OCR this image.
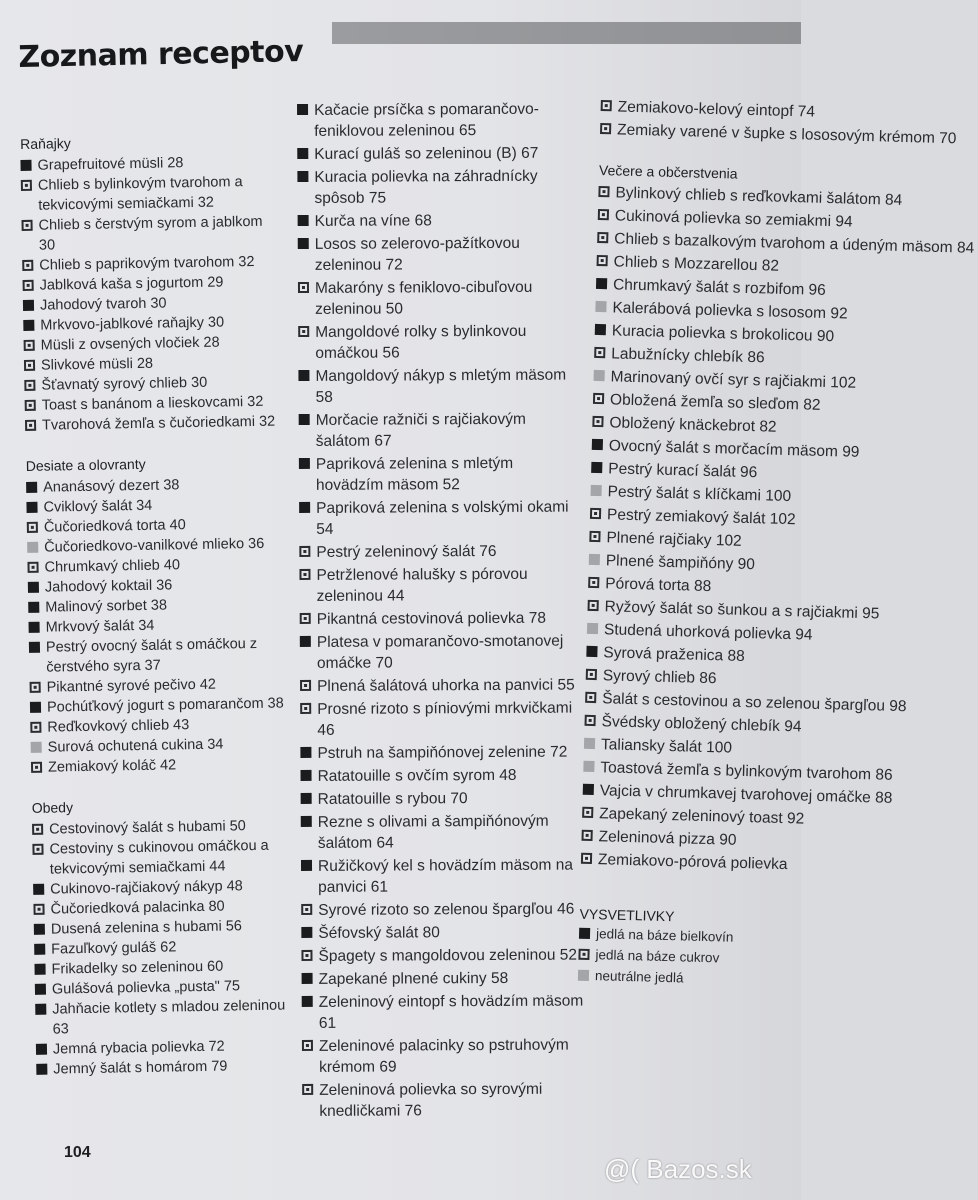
Zoznam receptov
Raňajky
Grapefruitové müsli 28
Chlieb s bylinkovým tvarohom a tekvicovými semiačkami 32
Chlieb s čerstvým syrom a jablkom 30
Chlieb s paprikovým tvarohom 32
Jablková kaša s jogurtom 29
Jahodový tvaroh 30
Mrkvovo-jablkové raňajky 30
Müsli z ovsených vločiek 28
Slivkové müsli 28
Šťavnatý syrový chlieb 30
Toast s banánom a lieskovcami 32
Tvarohová žemľa s čučoriedkami 32
Desiate a olovranty
Ananásový dezert 38
Cviklový šalát 34
Čučoriedková torta 40
Čučoriedkovo-vanilkové mlieko 36
Chrumkavý chlieb 40
Jahodový koktail 36
Malinový sorbet 38
Mrkvový šalát 34
Pestrý ovocný šalát s omáčkou z čerstvého syra 37
Pikantné syrové pečivo 42
Pochúťkový jogurt s pomarančom 38
Reďkovkový chlieb 43
Surová ochutená cukina 34
Zemiakový koláč 42
Obedy
Cestovinový šalát s hubami 50
Cestoviny s cukinovou omáčkou a tekvicovými semiačkami 44
Cukinovo-rajčiakový nákyp 48
Čučoriedková palacinka 80
Dusená zelenina s hubami 56
Fazuľkový guláš 62
Frikadelky so zeleninou 60
Gulášová polievka „pusta" 75
Jahňacie kotlety s mladou zeleninou 63
Jemná rybacia polievka 72
Jemný šalát s homárom 79
Kačacie prsíčka s pomarančovo-feniklovou zeleninou 65
Kurací guláš so zeleninou (B) 67
Kuracia polievka na záhradnícky spôsob 75
Kurča na víne 68
Losos so zelerovo-pažítkovou zeleninou 72
Makaróny s feniklovo-cibuľovou zeleninou 50
Mangoldové rolky s bylinkovou omáčkou 56
Mangoldový nákyp s mletým mäsom 58
Morčacie ražniči s rajčiakovým šalátom 67
Papriková zelenina s mletým hovädzím mäsom 52
Papriková zelenina s volskými okami 54
Pestrý zeleninový šalát 76
Petržlenové halušky s pórovou zeleninou 44
Pikantná cestovinová polievka 78
Platesa v pomarančovo-smotanovej omáčke 70
Plnená šalátová uhorka na panvici 55
Prosné rizoto s píniovými mrkvičkami 46
Pstruh na šampiňónovej zelenine 72
Ratatouille s ovčím syrom 48
Ratatouille s rybou 70
Rezne s olivami a šampiňónovým šalátom 64
Ružičkový kel s hovädzím mäsom na panvici 61
Syrové rizoto so zelenou špargľou 46
Šéfovský šalát 80
Špagety s mangoldovou zeleninou 52
Zapekané plnené cukiny 58
Zeleninový eintopf s hovädzím mäsom 61
Zeleninové palacinky so pstruhovým krémom 69
Zeleninová polievka so syrovými knedličkami 76
Zemiakovo-kelový eintopf 74
Zemiaky varené v šupke s lososovým krémom 70
Večere a občerstvenia
Bylinkový chlieb s reďkovkami šalátom 84
Cukinová polievka so zemiakmi 94
Chlieb s bazalkovým tvarohom a údeným mäsom 84
Chlieb s Mozzarellou 82
Chrumkavý šalát s rozbifom 96
Kalerábová polievka s lososom 92
Kuracia polievka s brokolicou 90
Labužnícky chlebík 86
Marinovaný ovčí syr s rajčiakmi 102
Obložená žemľa so sleďom 82
Obložený knäckebrot 82
Ovocný šalát s morčacím mäsom 99
Pestrý kurací šalát 96
Pestrý šalát s klíčkami 100
Pestrý zemiakový šalát 102
Plnené rajčiaky 102
Plnené šampiňóny 90
Pórová torta 88
Ryžový šalát so šunkou a s rajčiakmi 95
Studená uhorková polievka 94
Syrová praženica 88
Syrový chlieb 86
Šalát s cestovinou a so zelenou špargľou 98
Švédsky obložený chlebík 94
Taliansky šalát 100
Toastová žemľa s bylinkovým tvarohom 86
Vajcia v chrumkavej tvarohovej omáčke 88
Zapekaný zeleninový toast 92
Zeleninová pizza 90
Zemiakovo-pórová polievka
VYSVETLIVKY
jedlá na báze bielkovín
jedlá na báze cukrov
neutrálne jedlá
104
@( Bazos.sk
